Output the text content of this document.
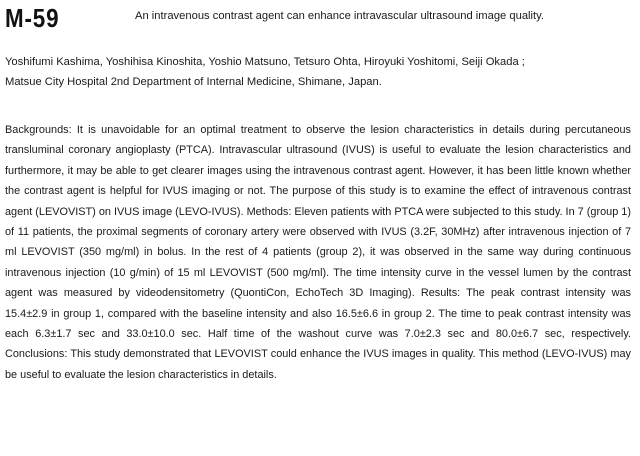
M-59	An intravenous contrast agent can enhance intravascular ultrasound image quality.
Yoshifumi Kashima, Yoshihisa Kinoshita, Yoshio Matsuno, Tetsuro Ohta, Hiroyuki Yoshitomi, Seiji Okada ;
Matsue City Hospital 2nd Department of Internal Medicine, Shimane, Japan.

Backgrounds: It is unavoidable for an optimal treatment to observe the lesion characteristics in details during percutaneous transluminal coronary angioplasty (PTCA). Intravascular ultrasound (IVUS) is useful to evaluate the lesion characteristics and furthermore, it may be able to get clearer images using the intravenous contrast agent. However, it has been little known whether the contrast agent is helpful for IVUS imaging or not. The purpose of this study is to examine the effect of intravenous contrast agent (LEVOVIST) on IVUS image (LEVO-IVUS). Methods: Eleven patients with PTCA were subjected to this study. In 7 (group 1) of 11 patients, the proximal segments of coronary artery were observed with IVUS (3.2F, 30MHz) after intravenous injection of 7 ml LEVOVIST (350 mg/ml) in bolus. In the rest of 4 patients (group 2), it was observed in the same way during continuous intravenous injection (10 g/min) of 15 ml LEVOVIST (500 mg/ml). The time intensity curve in the vessel lumen by the contrast agent was measured by videodensitometry (QuontiCon, EchoTech 3D Imaging). Results: The peak contrast intensity was 15.4±2.9 in group 1, compared with the baseline intensity and also 16.5±6.6 in group 2. The time to peak contrast intensity was each 6.3±1.7 sec and 33.0±10.0 sec. Half time of the washout curve was 7.0±2.3 sec and 80.0±6.7 sec, respectively. Conclusions: This study demonstrated that LEVOVIST could enhance the IVUS images in quality. This method (LEVO-IVUS) may be useful to evaluate the lesion characteristics in details.
